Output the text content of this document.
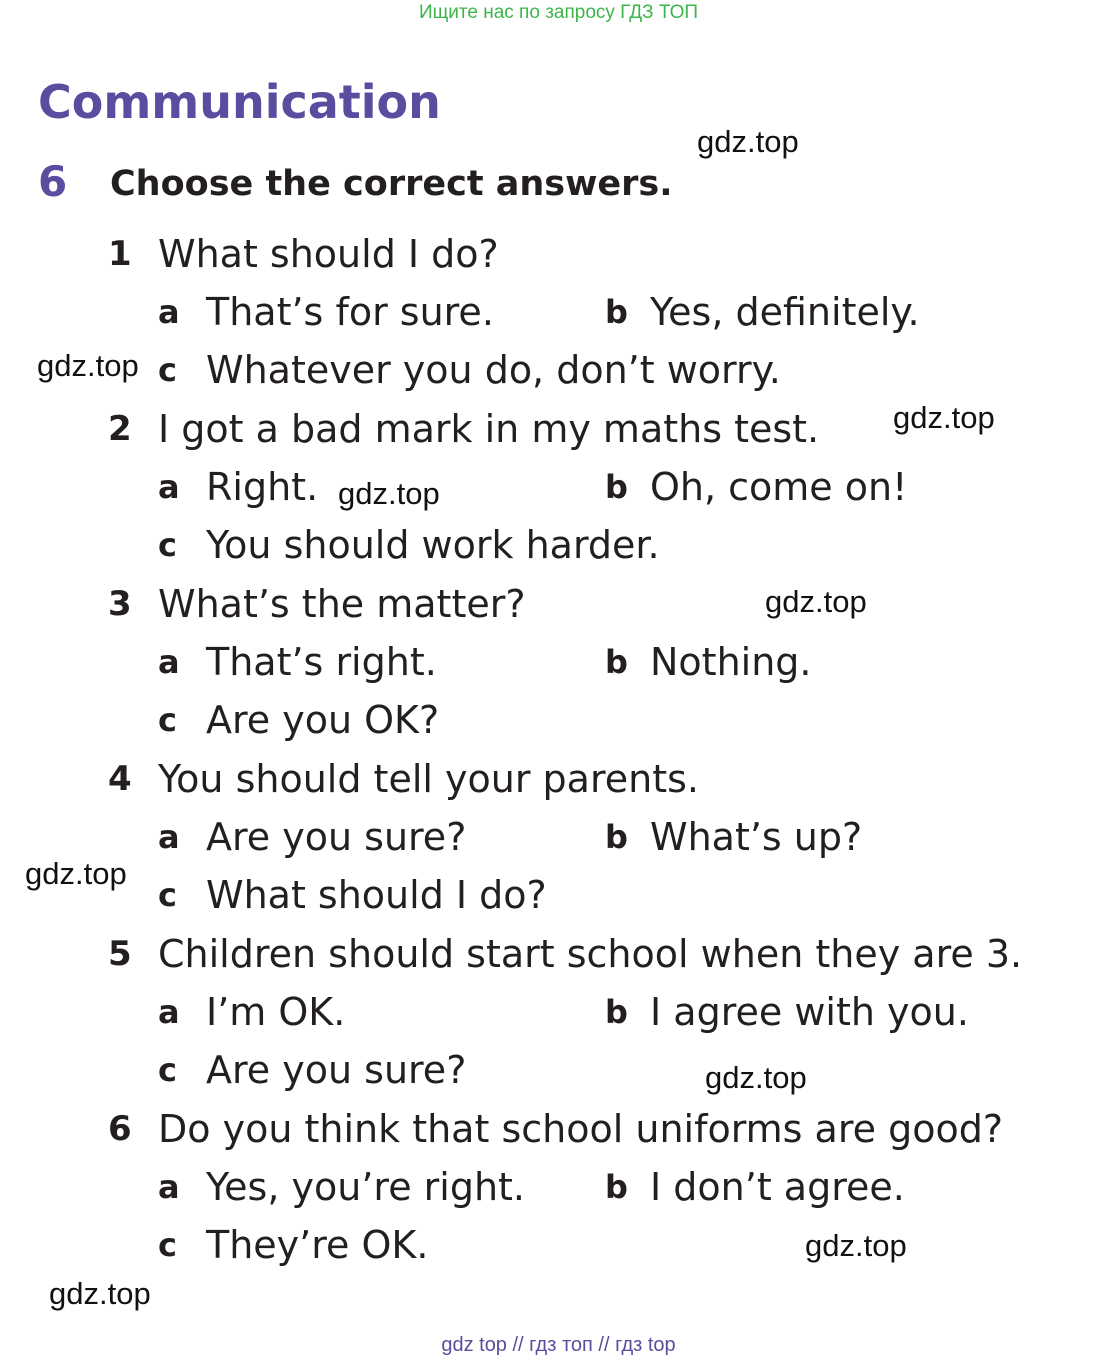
Ищите нас по запросу ГДЗ ТОП
Communication
6 Choose the correct answers.
1 What should I do?
a That’s for sure.	b Yes, definitely.
c Whatever you do, don’t worry.
2 I got a bad mark in my maths test.
a Right.	b Oh, come on!
c You should work harder.
3 What’s the matter?
a That’s right.	b Nothing.
c Are you OK?
4 You should tell your parents.
a Are you sure?	b What’s up?
c What should I do?
5 Children should start school when they are 3.
a I’m OK.	b I agree with you.
c Are you sure?
6 Do you think that school uniforms are good?
a Yes, you’re right. b I don’t agree.
c They’re OK.
gdz.top
gdz.top
gdz.top
gdz.top
gdz.top
gdz.top
gdz.top
gdz.top
gdz.top
gdz top // гдз топ // гдз top
